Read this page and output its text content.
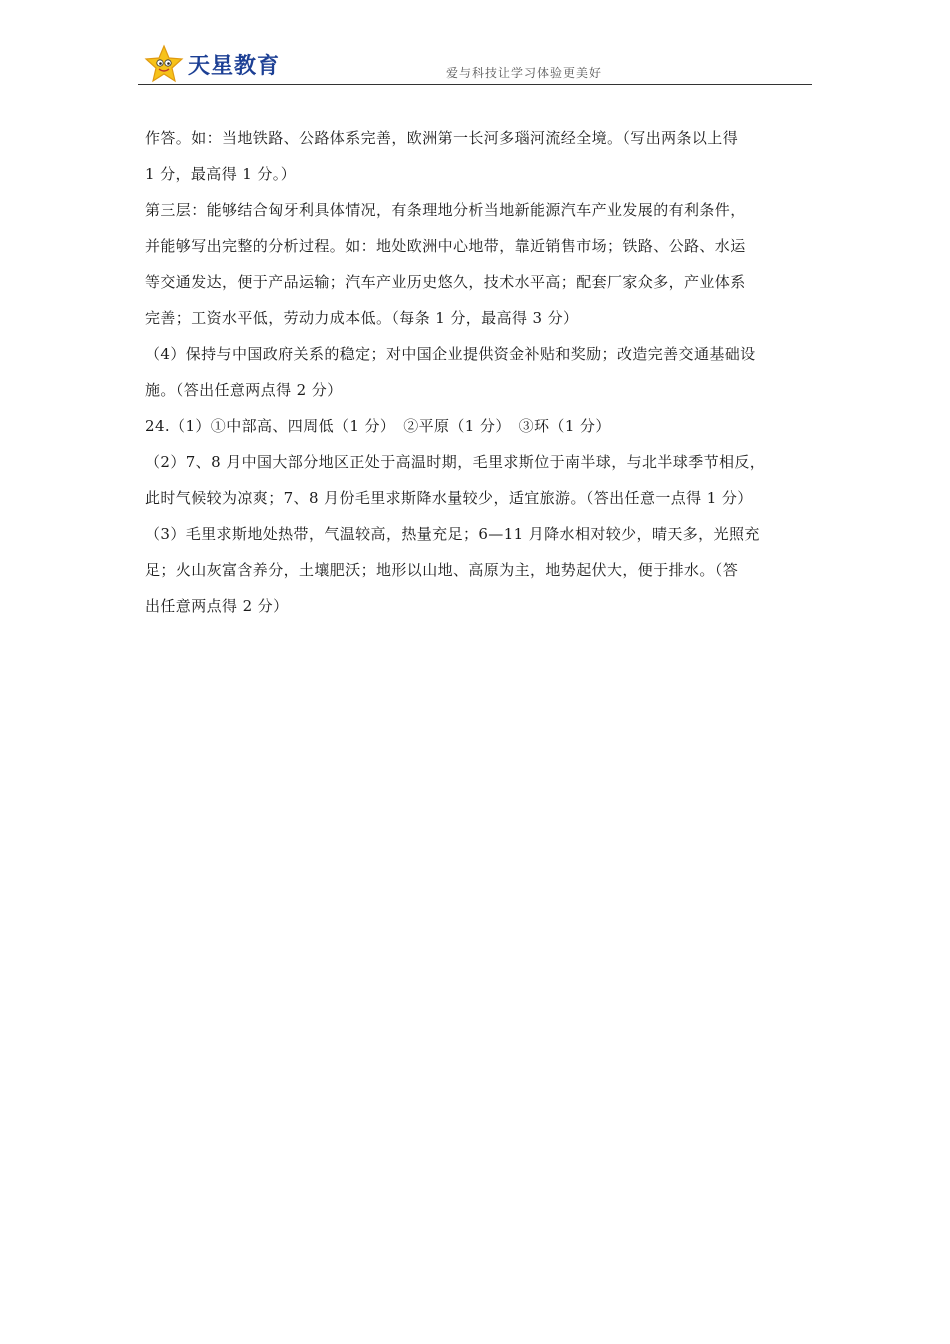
天星教育	爱与科技让学习体验更美好
作答。如：当地铁路、公路体系完善，欧洲第一长河多瑙河流经全境。（写出两条以上得
1 分，最高得 1 分。）
第三层：能够结合匈牙利具体情况，有条理地分析当地新能源汽车产业发展的有利条件，
并能够写出完整的分析过程。如：地处欧洲中心地带，靠近销售市场；铁路、公路、水运
等交通发达，便于产品运输；汽车产业历史悠久，技术水平高；配套厂家众多，产业体系
完善；工资水平低，劳动力成本低。（每条 1 分，最高得 3 分）
（4）保持与中国政府关系的稳定；对中国企业提供资金补贴和奖励；改造完善交通基础设
施。（答出任意两点得 2 分）
24.（1）①中部高、四周低（1 分）　②平原（1 分）　③环（1 分）
（2）7、8 月中国大部分地区正处于高温时期，毛里求斯位于南半球，与北半球季节相反，
此时气候较为凉爽；7、8 月份毛里求斯降水量较少，适宜旅游。（答出任意一点得 1 分）
（3）毛里求斯地处热带，气温较高，热量充足；6—11 月降水相对较少，晴天多，光照充
足；火山灰富含养分，土壤肥沃；地形以山地、高原为主，地势起伏大，便于排水。（答
出任意两点得 2 分）
